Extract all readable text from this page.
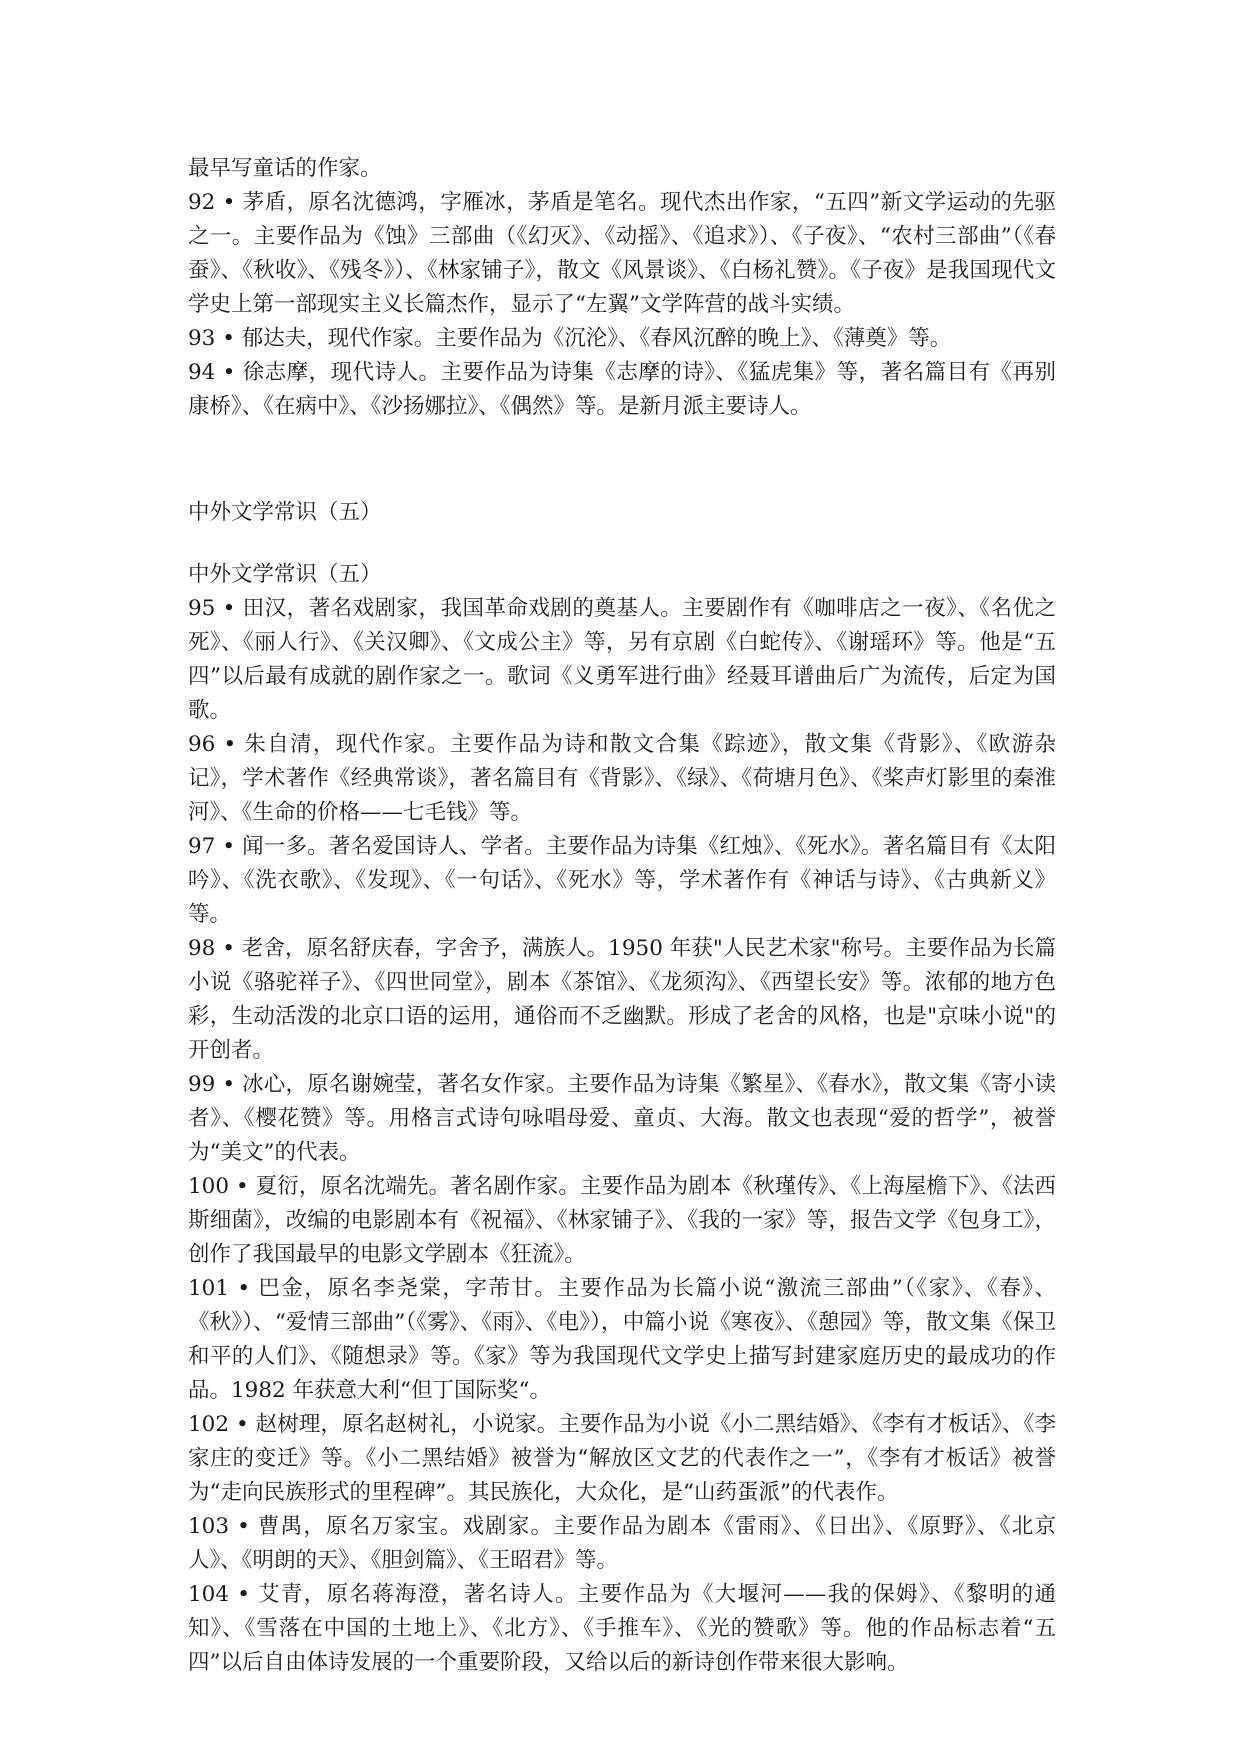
最早写童话的作家。

92 • 茅盾，原名沈德鸿，字雁冰，茅盾是笔名。现代杰出作家，“五四”新文学运动的先驱之一。主要作品为《蚀》三部曲（《幻灭》、《动摇》、《追求》）、《子夜》、“农村三部曲”（《春蚕》、《秋收》、《残冬》）、《林家铺子》，散文《风景谈》、《白杨礼赞》。《子夜》是我国现代文学史上第一部现实主义长篇杰作，显示了“左翼”文学阵营的战斗实绩。

93 • 郁达夫，现代作家。主要作品为《沉沦》、《春风沉醉的晚上》、《薄奠》等。

94 • 徐志摩，现代诗人。主要作品为诗集《志摩的诗》、《猛虎集》等，著名篇目有《再别康桥》、《在病中》、《沙扬娜拉》、《偶然》等。是新月派主要诗人。

中外文学常识（五）

中外文学常识（五）

95 • 田汉，著名戏剧家，我国革命戏剧的奠基人。主要剧作有《咖啡店之一夜》、《名优之死》、《丽人行》、《关汉卿》、《文成公主》等，另有京剧《白蛇传》、《谢瑶环》等。他是“五四”以后最有成就的剧作家之一。歌词《义勇军进行曲》经聂耳谱曲后广为流传，后定为国歌。

96 • 朱自清，现代作家。主要作品为诗和散文合集《踪迹》，散文集《背影》、《欧游杂记》，学术著作《经典常谈》，著名篇目有《背影》、《绿》、《荷塘月色》、《桨声灯影里的秦淮河》、《生命的价格——七毛钱》等。

97 • 闻一多。著名爱国诗人、学者。主要作品为诗集《红烛》、《死水》。著名篇目有《太阳吟》、《洗衣歌》、《发现》、《一句话》、《死水》等，学术著作有《神话与诗》、《古典新义》等。

98 • 老舍，原名舒庆春，字舍予，满族人。1950 年获"人民艺术家"称号。主要作品为长篇小说《骆驼祥子》、《四世同堂》，剧本《茶馆》、《龙须沟》、《西望长安》等。浓郁的地方色彩，生动活泼的北京口语的运用，通俗而不乏幽默。形成了老舍的风格，也是"京味小说"的开创者。

99 • 冰心，原名谢婉莹，著名女作家。主要作品为诗集《繁星》、《春水》，散文集《寄小读者》、《樱花赞》等。用格言式诗句咏唱母爱、童贞、大海。散文也表现“爱的哲学”，被誉为“美文”的代表。

100 • 夏衍，原名沈端先。著名剧作家。主要作品为剧本《秋瑾传》、《上海屋檐下》、《法西斯细菌》，改编的电影剧本有《祝福》、《林家铺子》、《我的一家》等，报告文学《包身工》，创作了我国最早的电影文学剧本《狂流》。

101 • 巴金，原名李尧棠，字芾甘。主要作品为长篇小说“激流三部曲”（《家》、《春》、《秋》）、“爱情三部曲”（《雾》、《雨》、《电》），中篇小说《寒夜》、《憩园》等，散文集《保卫和平的人们》、《随想录》等。《家》等为我国现代文学史上描写封建家庭历史的最成功的作品。1982 年获意大利“但丁国际奖“。

102 • 赵树理，原名赵树礼，小说家。主要作品为小说《小二黑结婚》、《李有才板话》、《李家庄的变迁》等。《小二黑结婚》被誉为“解放区文艺的代表作之一”，《李有才板话》被誉为“走向民族形式的里程碑”。其民族化，大众化，是“山药蛋派”的代表作。

103 • 曹禺，原名万家宝。戏剧家。主要作品为剧本《雷雨》、《日出》、《原野》、《北京人》、《明朗的天》、《胆剑篇》、《王昭君》等。

104 • 艾青，原名蒋海澄，著名诗人。主要作品为《大堰河——我的保姆》、《黎明的通知》、《雪落在中国的土地上》、《北方》、《手推车》、《光的赞歌》等。他的作品标志着“五四”以后自由体诗发展的一个重要阶段，又给以后的新诗创作带来很大影响。
